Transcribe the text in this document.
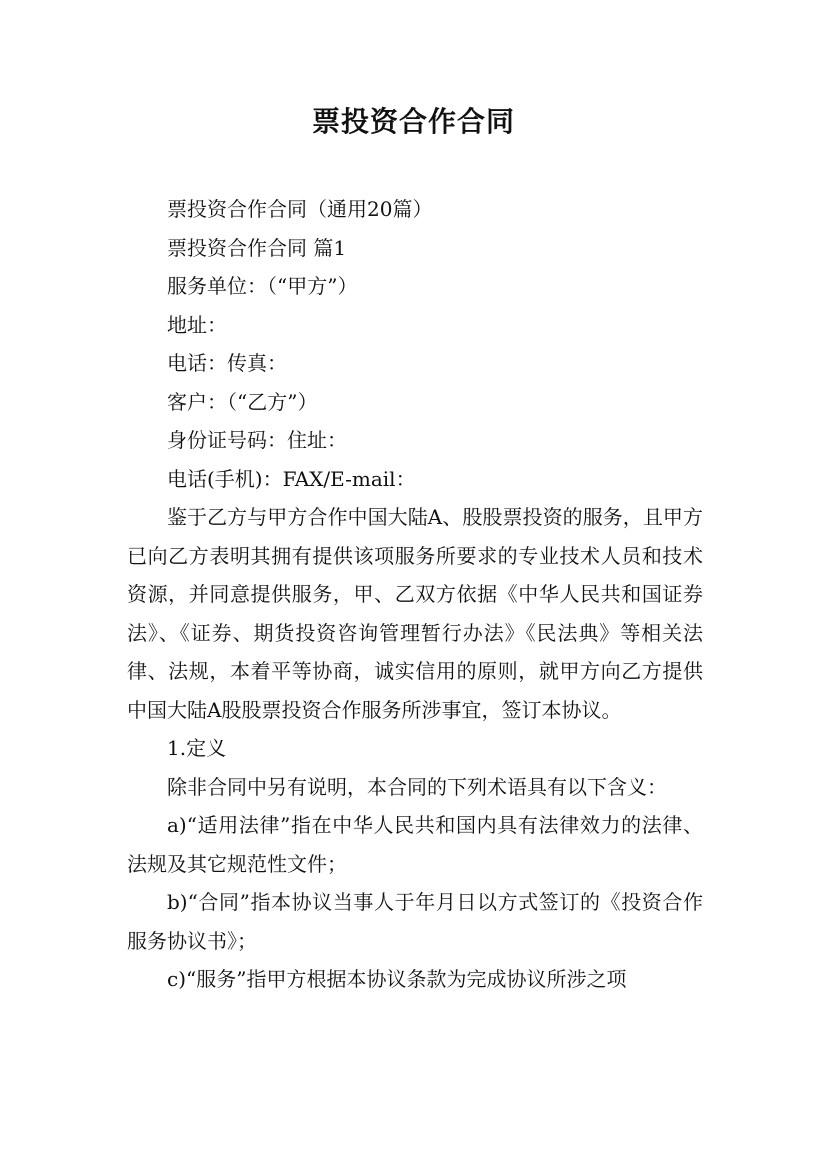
票投资合作合同

票投资合作合同（通用20篇）

票投资合作合同 篇1

服务单位：（“甲方”）

地址：

电话：传真：

客户：（“乙方”）

身份证号码：住址：

电话(手机)：FAX/E-mail：

鉴于乙方与甲方合作中国大陆A、股股票投资的服务，且甲方已向乙方表明其拥有提供该项服务所要求的专业技术人员和技术资源，并同意提供服务，甲、乙双方依据《中华人民共和国证券法》、《证券、期货投资咨询管理暂行办法》《民法典》等相关法律、法规，本着平等协商，诚实信用的原则，就甲方向乙方提供中国大陆A股股票投资合作服务所涉事宜，签订本协议。

1.定义

除非合同中另有说明，本合同的下列术语具有以下含义：

a)“适用法律”指在中华人民共和国内具有法律效力的法律、法规及其它规范性文件；

b)“合同”指本协议当事人于年月日以方式签订的《投资合作服务协议书》；

c)“服务”指甲方根据本协议条款为完成协议所涉之项
